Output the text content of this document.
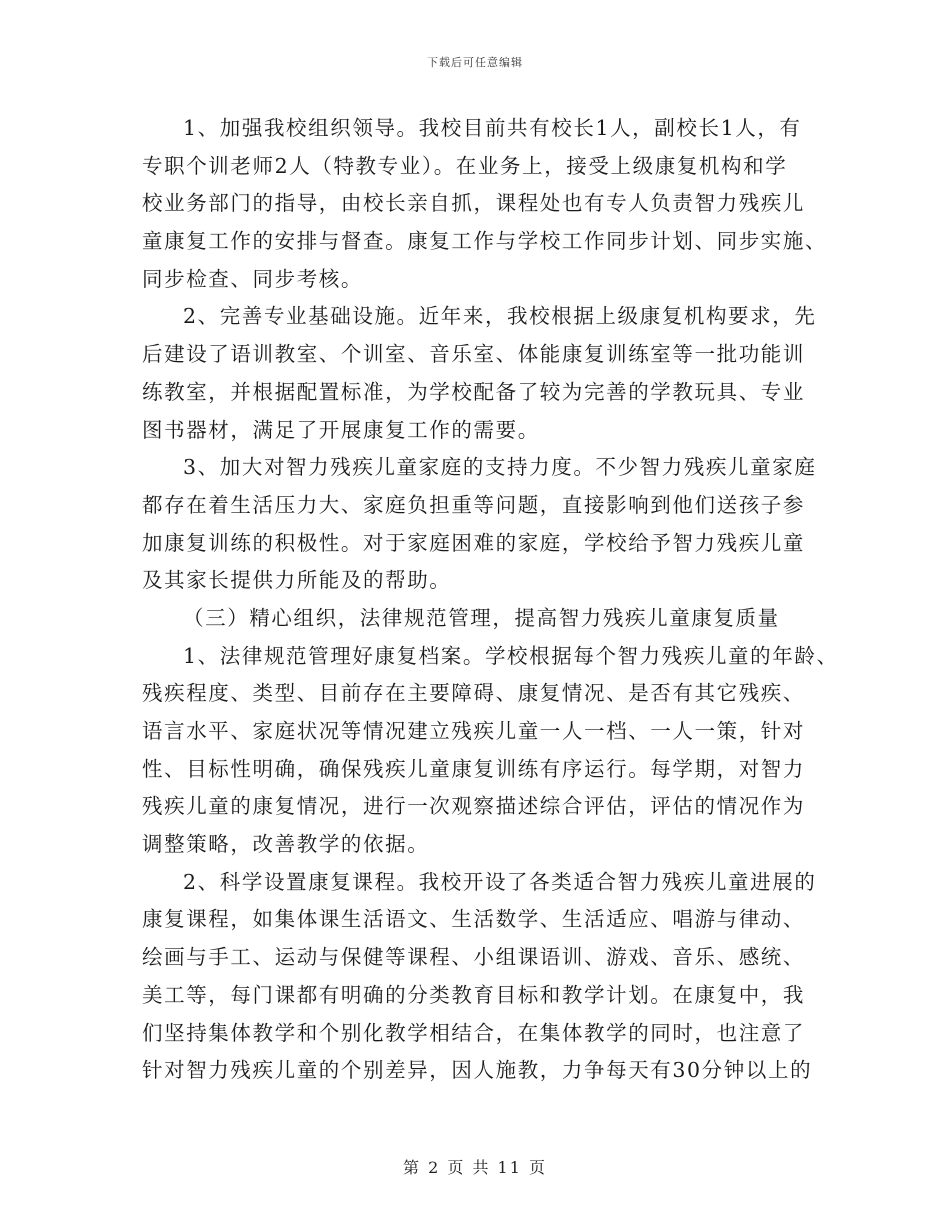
下载后可任意编辑
1、加强我校组织领导。我校目前共有校长1人，副校长1人，有
专职个训老师2人（特教专业）。在业务上，接受上级康复机构和学
校业务部门的指导，由校长亲自抓，课程处也有专人负责智力残疾儿
童康复工作的安排与督查。康复工作与学校工作同步计划、同步实施、
同步检查、同步考核。
2、完善专业基础设施。近年来，我校根据上级康复机构要求，先
后建设了语训教室、个训室、音乐室、体能康复训练室等一批功能训
练教室，并根据配置标准，为学校配备了较为完善的学教玩具、专业
图书器材，满足了开展康复工作的需要。
3、加大对智力残疾儿童家庭的支持力度。不少智力残疾儿童家庭
都存在着生活压力大、家庭负担重等问题，直接影响到他们送孩子参
加康复训练的积极性。对于家庭困难的家庭，学校给予智力残疾儿童
及其家长提供力所能及的帮助。
（三）精心组织，法律规范管理，提高智力残疾儿童康复质量
1、法律规范管理好康复档案。学校根据每个智力残疾儿童的年龄、
残疾程度、类型、目前存在主要障碍、康复情况、是否有其它残疾、
语言水平、家庭状况等情况建立残疾儿童一人一档、一人一策，针对
性、目标性明确，确保残疾儿童康复训练有序运行。每学期，对智力
残疾儿童的康复情况，进行一次观察描述综合评估，评估的情况作为
调整策略，改善教学的依据。
2、科学设置康复课程。我校开设了各类适合智力残疾儿童进展的
康复课程，如集体课生活语文、生活数学、生活适应、唱游与律动、
绘画与手工、运动与保健等课程、小组课语训、游戏、音乐、感统、
美工等，每门课都有明确的分类教育目标和教学计划。在康复中，我
们坚持集体教学和个别化教学相结合，在集体教学的同时，也注意了
针对智力残疾儿童的个别差异，因人施教，力争每天有30分钟以上的
第 2 页 共 11 页
